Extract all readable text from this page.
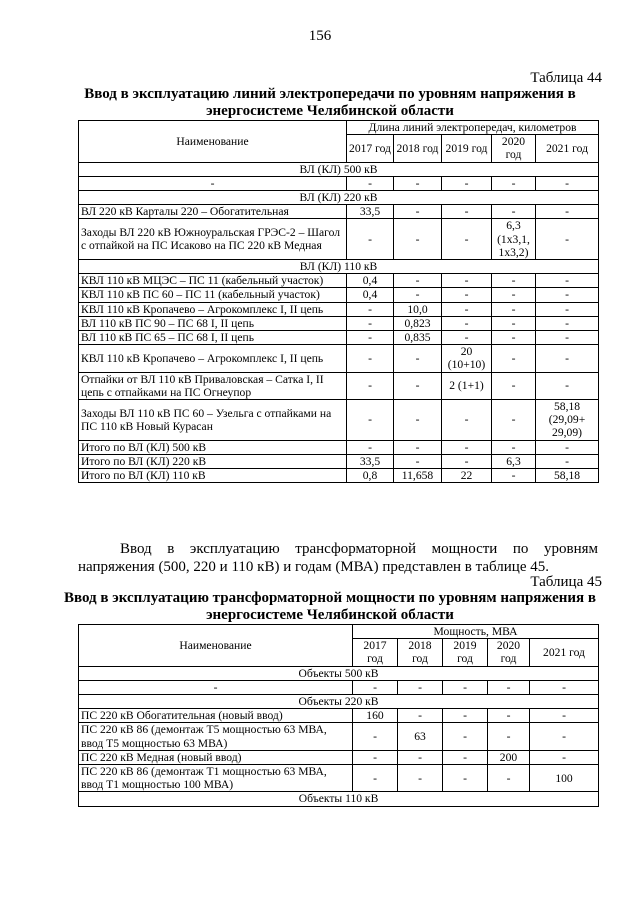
156
Таблица 44
Ввод в эксплуатацию линий электропередачи по уровням напряжения в
энергосистеме Челябинской области
Наименование	Длина линий электропередач, километров				
	2017 год	2018 год	2019 год	2020 год	2021 год
ВЛ (КЛ) 500 кВ					
-	-	-	-	-	-
ВЛ (КЛ) 220 кВ					
ВЛ 220 кВ Карталы 220 – Обогатительная	33,5	-	-	-	-
Заходы ВЛ 220 кВ Южноуральская ГРЭС-2 – Шагол с отпайкой на ПС Исаково на ПС 220 кВ Медная	-	-	-	6,3 (1х3,1, 1х3,2)	-
ВЛ (КЛ) 110 кВ					
КВЛ 110 кВ МЦЭС – ПС 11 (кабельный участок)	0,4	-	-	-	-
КВЛ 110 кВ ПС 60 – ПС 11 (кабельный участок)	0,4	-	-	-	-
КВЛ 110 кВ Кропачево – Агрокомплекс I, II цепь	-	10,0	-	-	-
ВЛ 110 кВ ПС 90 – ПС 68 I, II цепь	-	0,823	-	-	-
ВЛ 110 кВ ПС 65 – ПС 68 I, II цепь	-	0,835	-	-	-
КВЛ 110 кВ Кропачево – Агрокомплекс I, II цепь	-	-	20 (10+10)	-	-
Отпайки от ВЛ 110 кВ Приваловская – Сатка I, II цепь с отпайками на ПС Огнеупор	-	-	2 (1+1)	-	-
Заходы ВЛ 110 кВ ПС 60 – Узельга с отпайками на ПС 110 кВ Новый Курасан	-	-	-	-	58,18 (29,09+ 29,09)
Итого по ВЛ (КЛ) 500 кВ	-	-	-	-	-
Итого по ВЛ (КЛ) 220 кВ	33,5	-	-	6,3	-
Итого по ВЛ (КЛ) 110 кВ	0,8	11,658	22	-	58,18
Ввод в эксплуатацию трансформаторной мощности по уровням напряжения (500, 220 и 110 кВ) и годам (МВА) представлен в таблице 45.
Таблица 45
Ввод в эксплуатацию трансформаторной мощности по уровням напряжения в
энергосистеме Челябинской области
Наименование	Мощность, МВА				
	2017 год	2018 год	2019 год	2020 год	2021 год
Объекты 500 кВ					
-	-	-	-	-	-
Объекты 220 кВ					
ПС 220 кВ Обогатительная (новый ввод)	160	-	-	-	-
ПС 220 кВ 86 (демонтаж Т5 мощностью 63 МВА, ввод Т5 мощностью 63 МВА)	-	63	-	-	-
ПС 220 кВ Медная (новый ввод)	-	-	-	200	-
ПС 220 кВ 86 (демонтаж Т1 мощностью 63 МВА, ввод Т1 мощностью 100 МВА)	-	-	-	-	100
Объекты 110 кВ					
